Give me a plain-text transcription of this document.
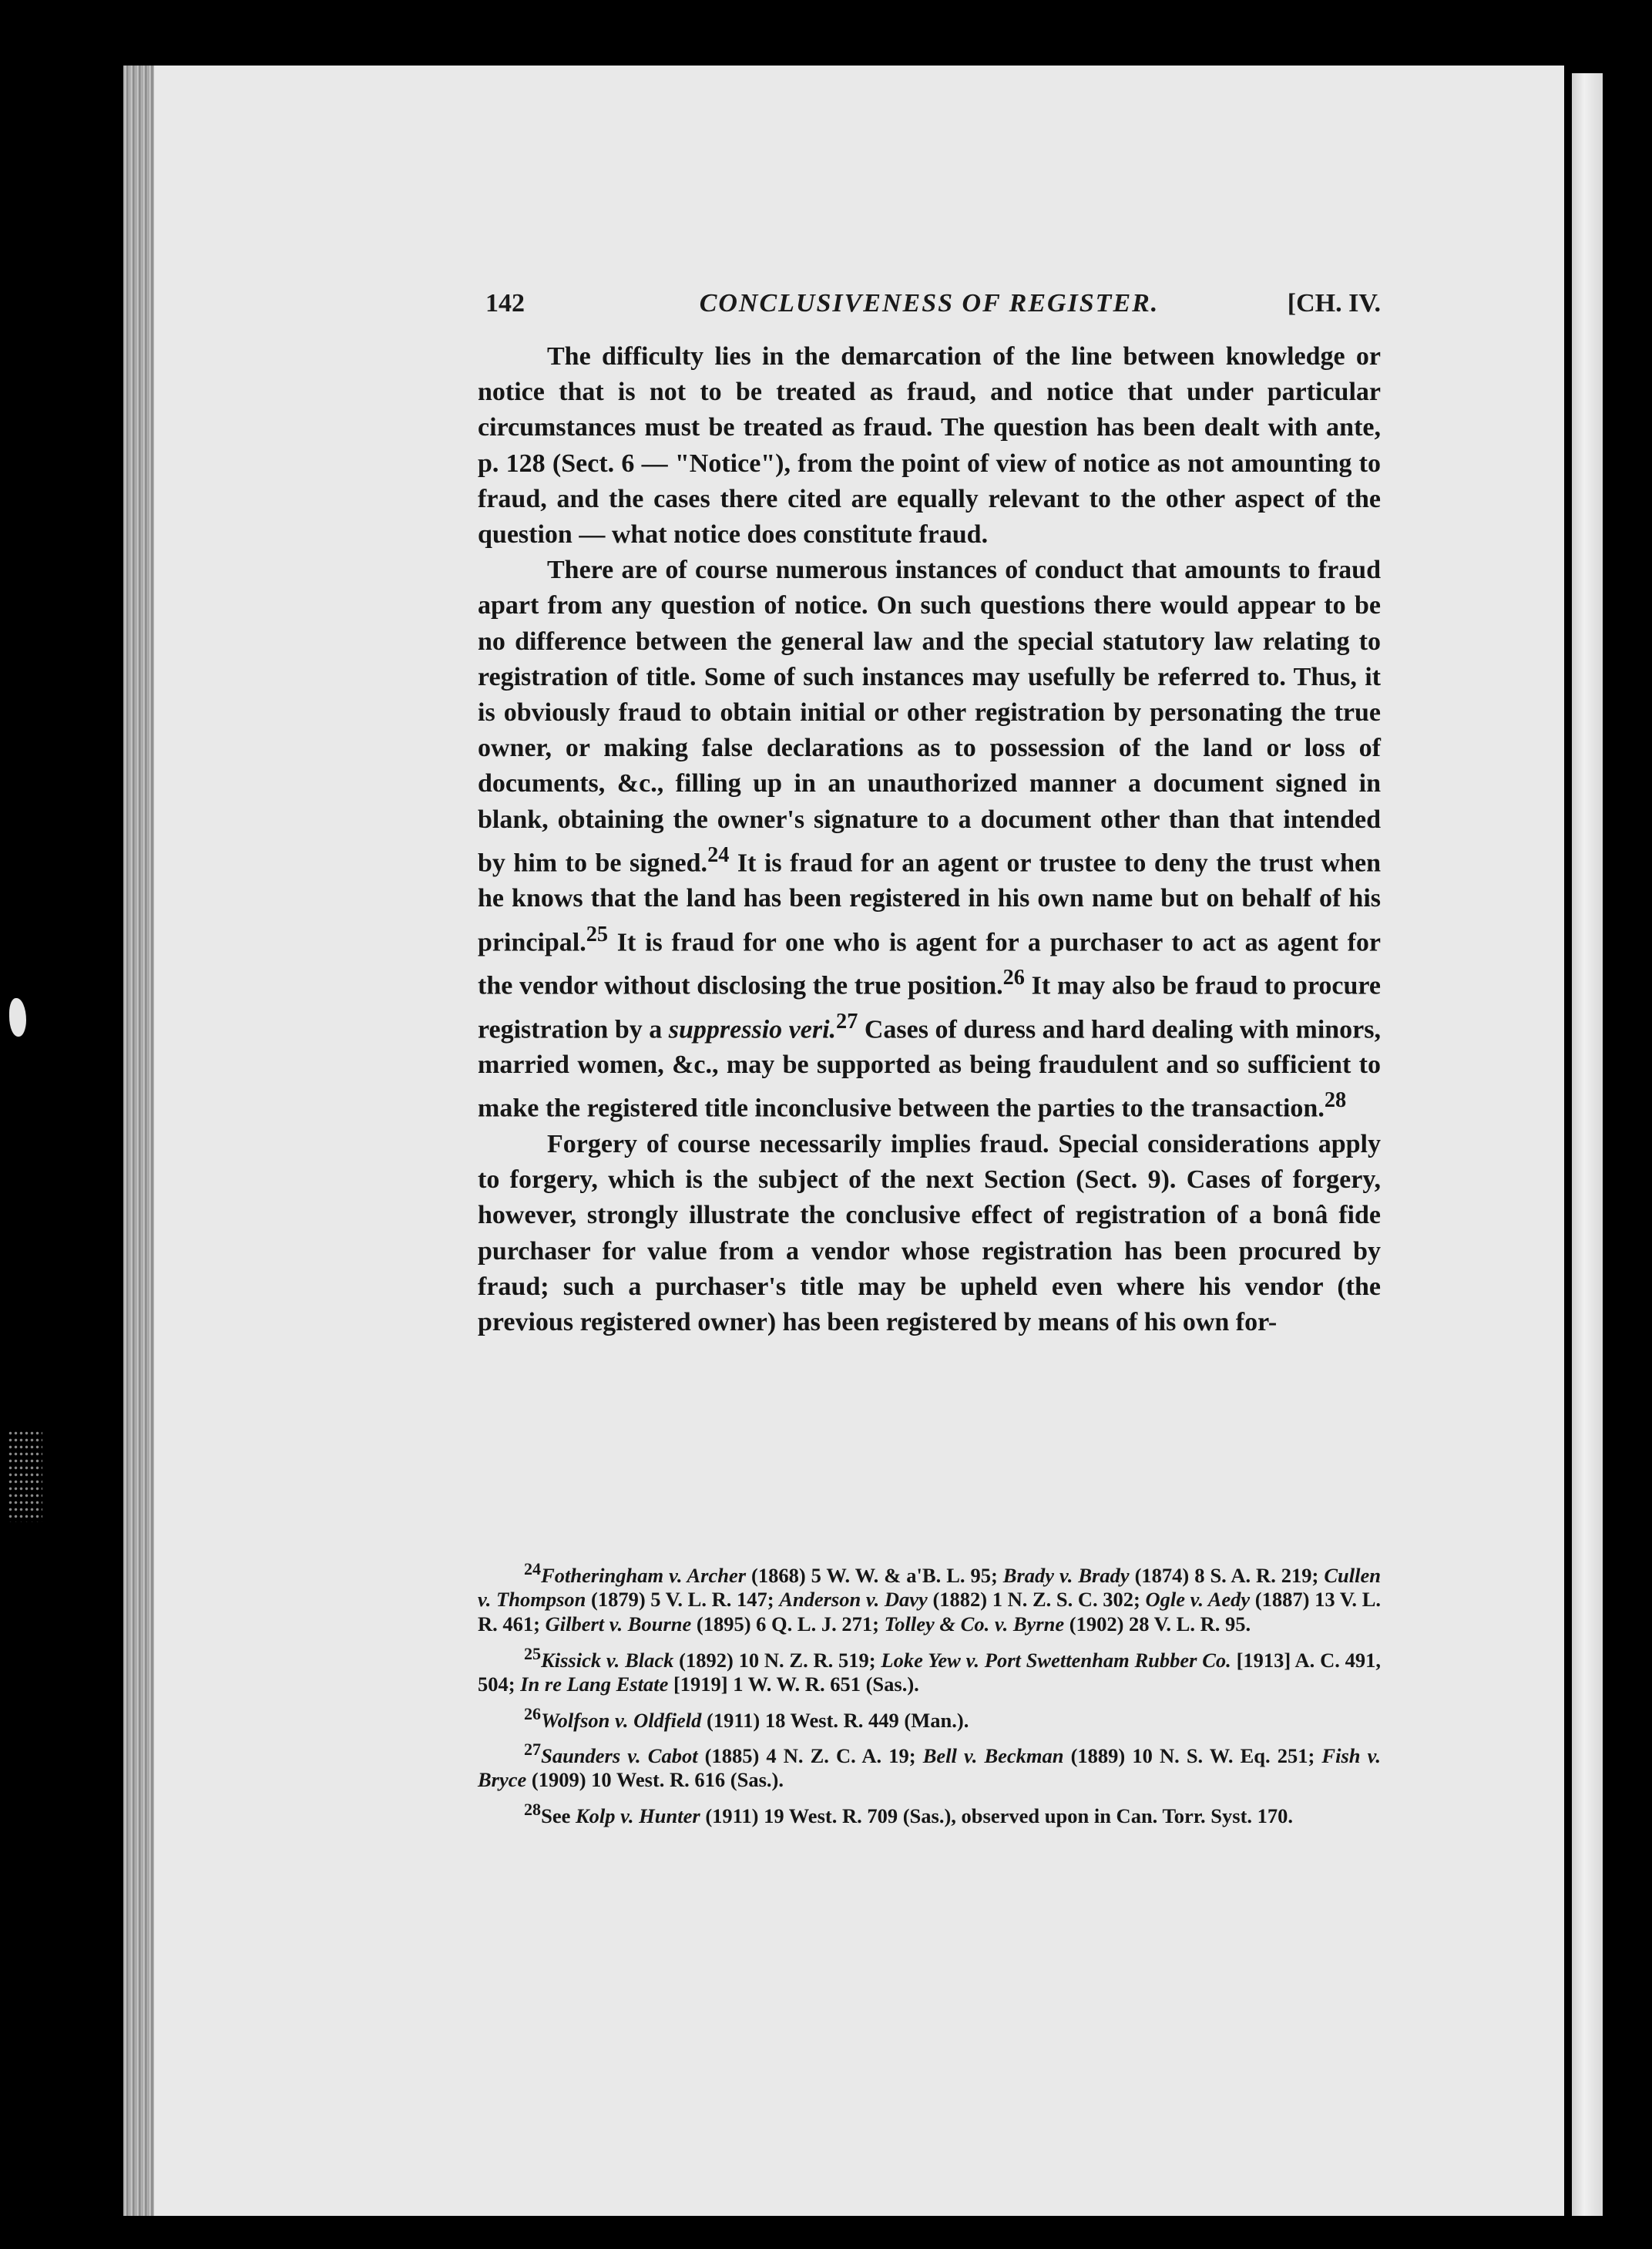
142	CONCLUSIVENESS OF REGISTER.	[CH. IV.

The difficulty lies in the demarcation of the line between knowledge or notice that is not to be treated as fraud, and notice that under particular circumstances must be treated as fraud. The question has been dealt with ante, p. 128 (Sect. 6 — "Notice"), from the point of view of notice as not amounting to fraud, and the cases there cited are equally relevant to the other aspect of the question — what notice does constitute fraud.

There are of course numerous instances of conduct that amounts to fraud apart from any question of notice. On such questions there would appear to be no difference between the general law and the special statutory law relating to registration of title. Some of such instances may usefully be referred to. Thus, it is obviously fraud to obtain initial or other registration by personating the true owner, or making false declarations as to possession of the land or loss of documents, &c., filling up in an unauthorized manner a document signed in blank, obtaining the owner's signature to a document other than that intended by him to be signed.$^{24}$ It is fraud for an agent or trustee to deny the trust when he knows that the land has been registered in his own name but on behalf of his principal.$^{25}$ It is fraud for one who is agent for a purchaser to act as agent for the vendor without disclosing the true position.$^{26}$ It may also be fraud to procure registration by a suppressio veri.$^{27}$ Cases of duress and hard dealing with minors, married women, &c., may be supported as being fraudulent and so sufficient to make the registered title inconclusive between the parties to the transaction.$^{28}$

Forgery of course necessarily implies fraud. Special considerations apply to forgery, which is the subject of the next Section (Sect. 9). Cases of forgery, however, strongly illustrate the conclusive effect of registration of a bonâ fide purchaser for value from a vendor whose registration has been procured by fraud; such a purchaser's title may be upheld even where his vendor (the previous registered owner) has been registered by means of his own for-

$^{24}$Fotheringham v. Archer (1868) 5 W. W. & a'B. L. 95; Brady v. Brady (1874) 8 S. A. R. 219; Cullen v. Thompson (1879) 5 V. L. R. 147; Anderson v. Davy (1882) 1 N. Z. S. C. 302; Ogle v. Aedy (1887) 13 V. L. R. 461; Gilbert v. Bourne (1895) 6 Q. L. J. 271; Tolley & Co. v. Byrne (1902) 28 V. L. R. 95.

$^{25}$Kissick v. Black (1892) 10 N. Z. R. 519; Loke Yew v. Port Swettenham Rubber Co. [1913] A. C. 491, 504; In re Lang Estate [1919] 1 W. W. R. 651 (Sas.).

$^{26}$Wolfson v. Oldfield (1911) 18 West. R. 449 (Man.).

$^{27}$Saunders v. Cabot (1885) 4 N. Z. C. A. 19; Bell v. Beckman (1889) 10 N. S. W. Eq. 251; Fish v. Bryce (1909) 10 West. R. 616 (Sas.).

$^{28}$See Kolp v. Hunter (1911) 19 West. R. 709 (Sas.), observed upon in Can. Torr. Syst. 170.
